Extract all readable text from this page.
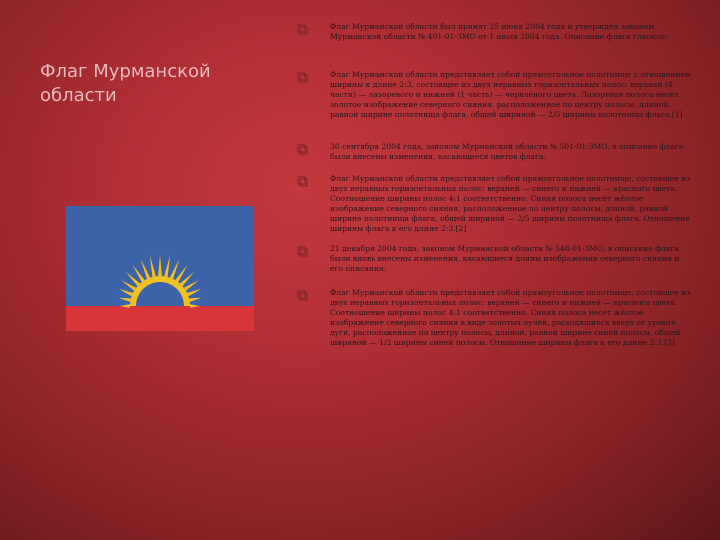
Флаг Мурманской области

Флаг Мурманской области был принят 25 июня 2004 года и утверждён законом Мурманской области № 491-01-ЗМО от 1 июля 2004 года. Описание флага гласило:

Флаг Мурманской области представляет собой прямоугольное полотнище с отношением ширины к длине 2:3, состоящее из двух неравных горизонтальных полос: верхней (4 части) — лазоревого и нижней (1 часть) — червлёного цвета. Лазоревая полоса несёт золотое изображение северного сияния, расположенное по центру полосы, длиной, равной ширине полотнища флага, общей шириной — 2/5 ширины полотнища флага.[1]

30 сентября 2004 года, законом Мурманской области № 501-01-ЗМО, в описание флага были внесены изменения, касающиеся цветов флага:

Флаг Мурманской области представляет собой прямоугольное полотнище, состоящее из двух неравных горизонтальных полос: верхней — синего и нижней — красного цвета. Соотношение ширины полос 4:1 соответственно. Синяя полоса несёт жёлтое изображение северного сияния, расположенное по центру полосы, длиной, равной ширине полотнища флага, общей шириной — 2/5 ширины полотнища флага. Отношение ширины флага к его длине 2:3.[2]

21 декабря 2004 года, законом Мурманской области № 548-01-ЗМО, в описание флага были вновь внесены изменения, касающиеся длины изображения северного сияния и его описания:

Флаг Мурманской области представляет собой прямоугольное полотнище, состоящее из двух неравных горизонтальных полос: верхней — синего и нижней — красного цвета. Соотношение ширины полос 4:1 соответственно. Синяя полоса несёт жёлтое изображение северного сияния в виде золотых лучей, расходящихся вверх от уровня дуги, расположенное по центру полосы, длиной, равной ширине синей полосы, общей шириной — 1/2 ширины синей полосы. Отношение ширины флага к его длине 2:3.[3]
